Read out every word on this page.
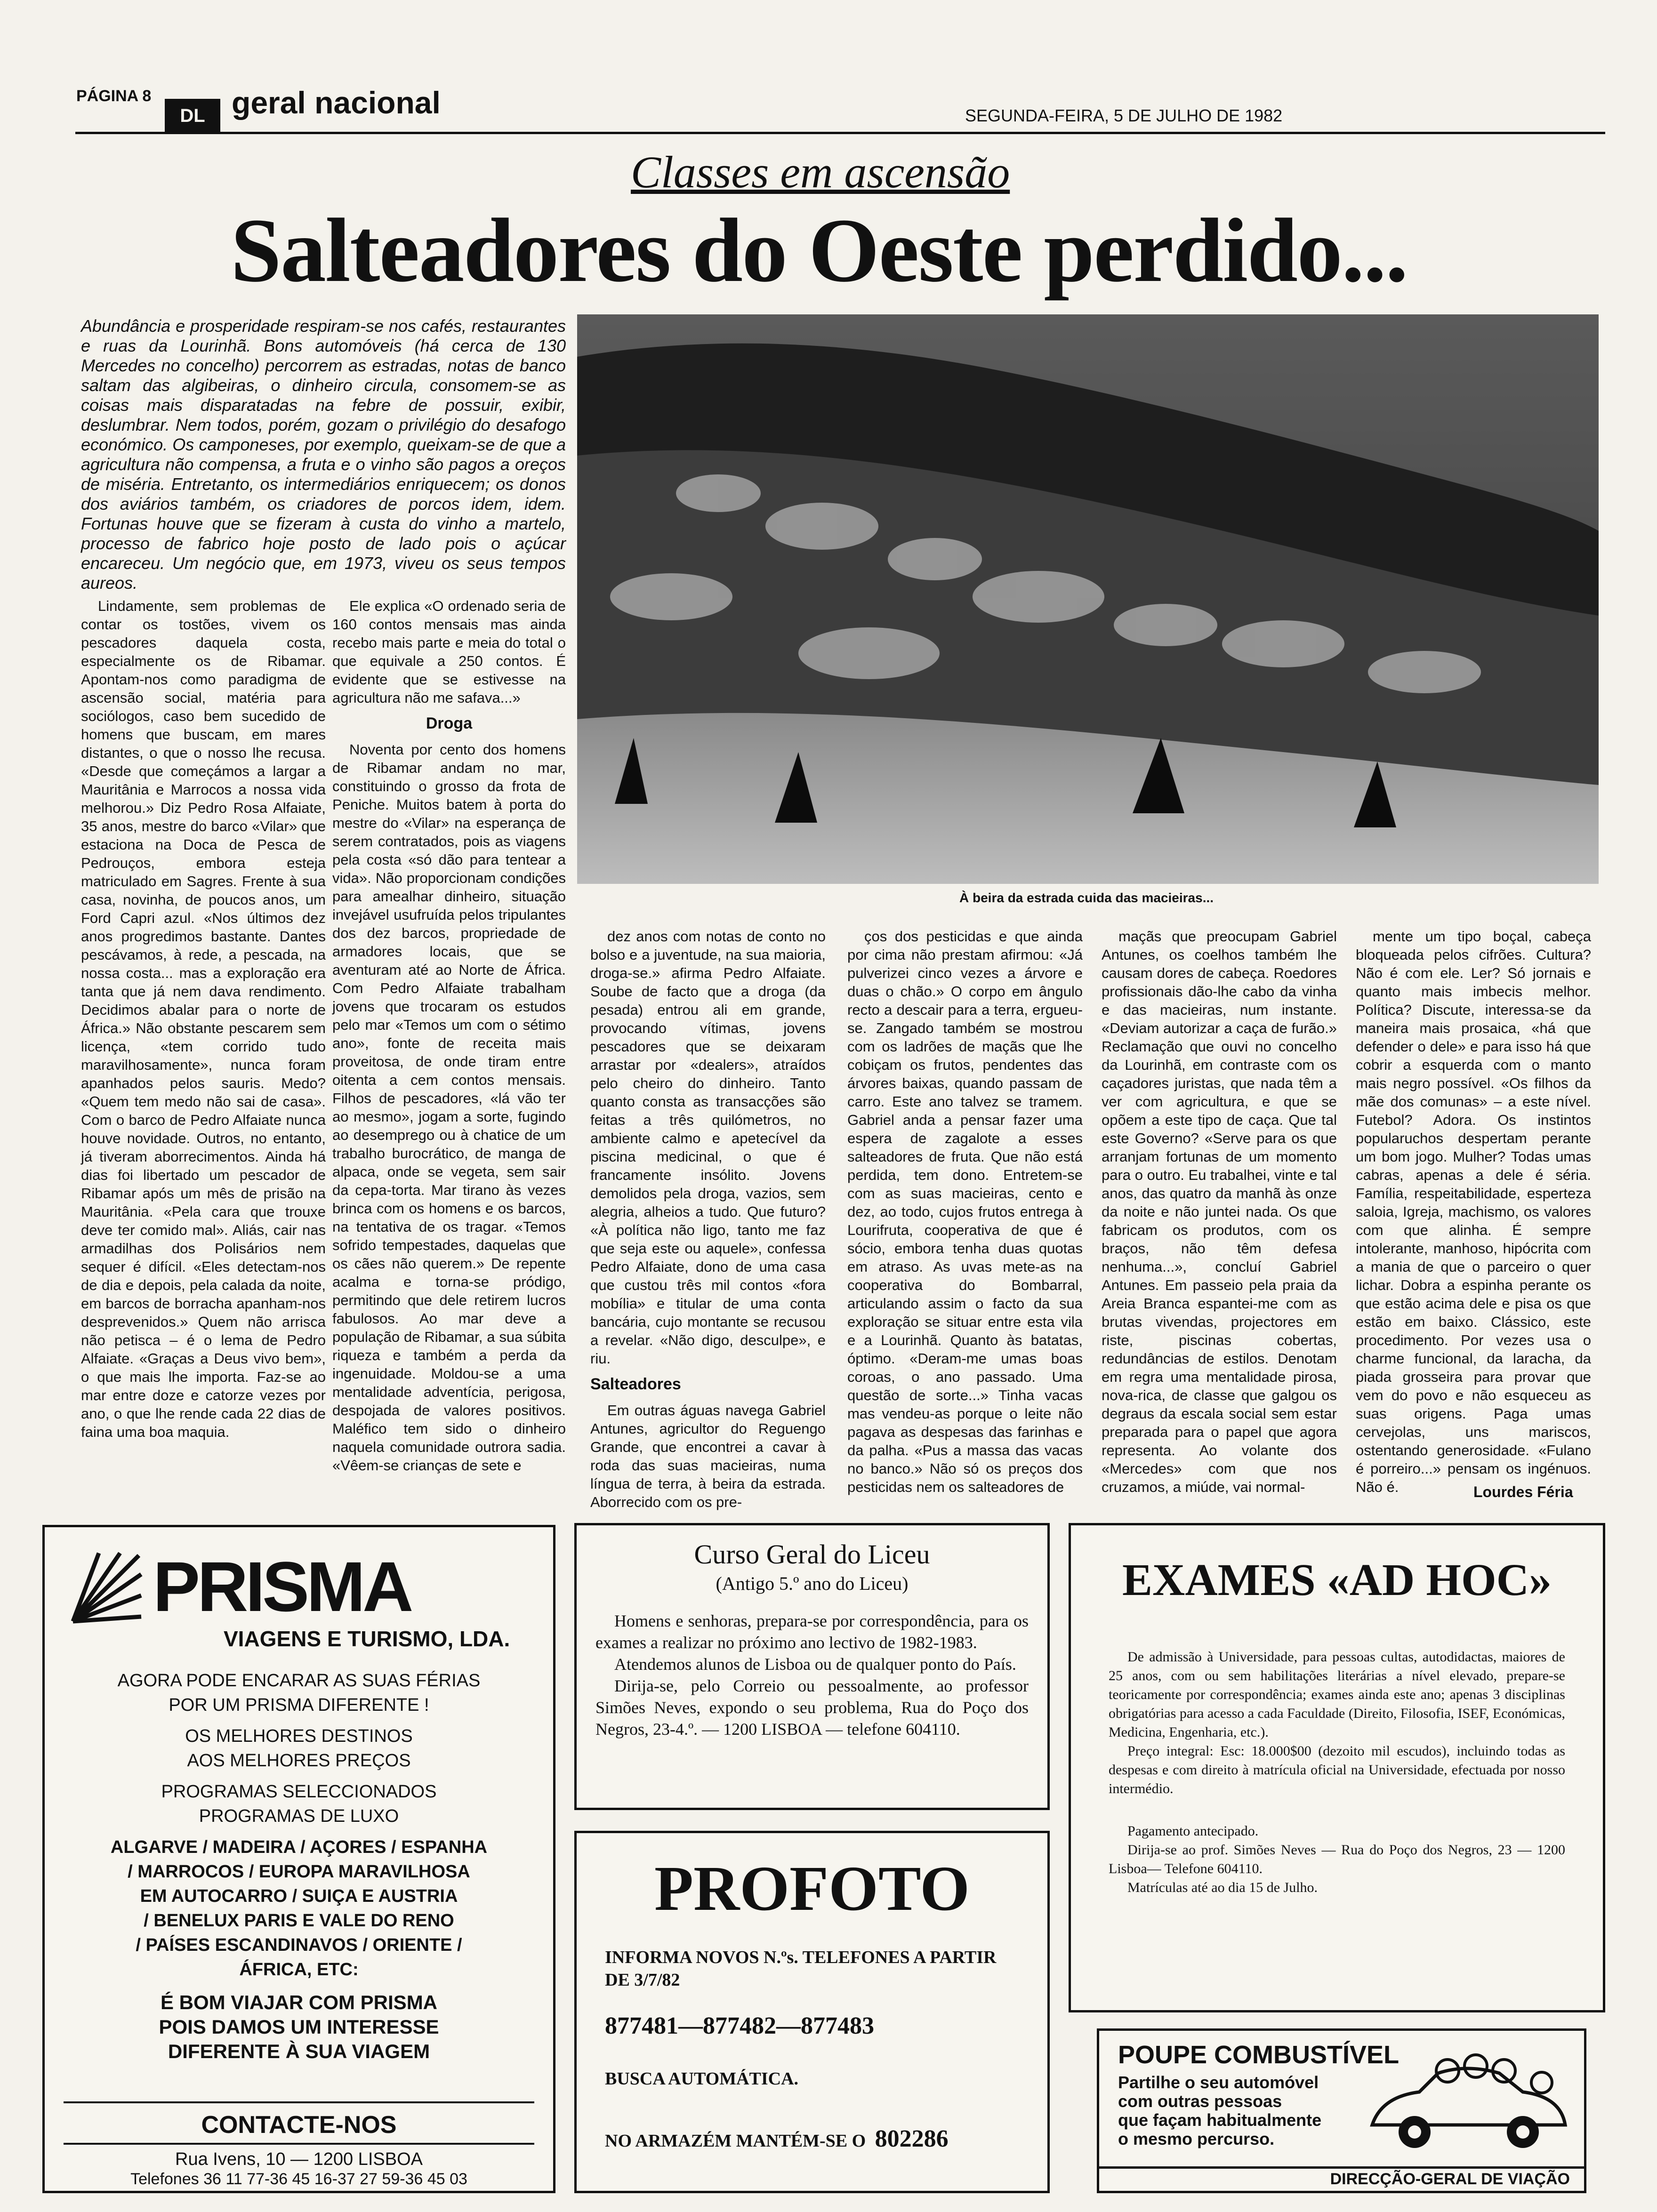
PÁGINA 8
DL geral nacional	SEGUNDA-FEIRA, 5 DE JULHO DE 1982
Classes em ascensão
Salteadores do Oeste perdido...
Abundância e prosperidade respiram-se nos cafés, restaurantes e ruas da Lourinhã. Bons automóveis (há cerca de 130 Mercedes no concelho) percorrem as estradas, notas de banco saltam das algibeiras, o dinheiro circula, consomem-se as coisas mais disparatadas na febre de possuir, exibir, deslumbrar. Nem todos, porém, gozam o privilégio do desafogo económico. Os camponeses, por exemplo, queixam-se de que a agricultura não compensa, a fruta e o vinho são pagos a oreços de miséria. Entretanto, os intermediários enriquecem; os donos dos aviários também, os criadores de porcos idem, idem. Fortunas houve que se fizeram à custa do vinho a martelo, processo de fabrico hoje posto de lado pois o açúcar encareceu. Um negócio que, em 1973, viveu os seus tempos aureos.
À beira da estrada cuida das macieiras...

Lindamente, sem problemas de contar os tostões, vivem os pescadores daquela costa, especialmente os de Ribamar. Apontam-nos como paradigma de ascensão social, matéria para sociólogos, caso bem sucedido de homens que buscam, em mares distantes, o que o nosso lhe recusa. «Desde que começámos a largar a Mauritânia e Marrocos a nossa vida melhorou.» Diz Pedro Rosa Alfaiate, 35 anos, mestre do barco «Vilar» que estaciona na Doca de Pesca de Pedrouços, embora esteja matriculado em Sagres. Frente à sua casa, novinha, de poucos anos, um Ford Capri azul. «Nos últimos dez anos progredimos bastante. Dantes pescávamos, à rede, a pescada, na nossa costa... mas a exploração era tanta que já nem dava rendimento. Decidimos abalar para o norte de África.» Não obstante pescarem sem licença, «tem corrido tudo maravilhosamente», nunca foram apanhados pelos sauris. Medo? «Quem tem medo não sai de casa». Com o barco de Pedro Alfaiate nunca houve novidade. Outros, no entanto, já tiveram aborrecimentos. Ainda há dias foi libertado um pescador de Ribamar após um mês de prisão na Mauritânia. «Pela cara que trouxe deve ter comido mal». Aliás, cair nas armadilhas dos Polisários nem sequer é difícil. «Eles detectam-nos de dia e depois, pela calada da noite, em barcos de borracha apanham-nos desprevenidos.» Quem não arrisca não petisca – é o lema de Pedro Alfaiate. «Graças a Deus vivo bem», o que mais lhe importa. Faz-se ao mar entre doze e catorze vezes por ano, o que lhe rende cada 22 dias de faina uma boa maquia.

Ele explica «O ordenado seria de 160 contos mensais mas ainda recebo mais parte e meia do total o que equivale a 250 contos. É evidente que se estivesse na agricultura não me safava...»

Droga

Noventa por cento dos homens de Ribamar andam no mar, constituindo o grosso da frota de Peniche. Muitos batem à porta do mestre do «Vilar» na esperança de serem contratados, pois as viagens pela costa «só dão para tentear a vida». Não proporcionam condições para amealhar dinheiro, situação invejável usufruída pelos tripulantes dos dez barcos, propriedade de armadores locais, que se aventuram até ao Norte de África. Com Pedro Alfaiate trabalham jovens que trocaram os estudos pelo mar «Temos um com o sétimo ano», fonte de receita mais proveitosa, de onde tiram entre oitenta a cem contos mensais. Filhos de pescadores, «lá vão ter ao mesmo», jogam a sorte, fugindo ao desemprego ou à chatice de um trabalho burocrático, de manga de alpaca, onde se vegeta, sem sair da cepa-torta. Mar tirano às vezes brinca com os homens e os barcos, na tentativa de os tragar. «Temos sofrido tempestades, daquelas que os cães não querem.» De repente acalma e torna-se pródigo, permitindo que dele retirem lucros fabulosos. Ao mar deve a população de Ribamar, a sua súbita riqueza e também a perda da ingenuidade. Moldou-se a uma mentalidade adventícia, perigosa, despojada de valores positivos. Maléfico tem sido o dinheiro naquela comunidade outrora sadia. «Vêem-se crianças de sete e

dez anos com notas de conto no bolso e a juventude, na sua maioria, droga-se.» afirma Pedro Alfaiate. Soube de facto que a droga (da pesada) entrou ali em grande, provocando vítimas, jovens pescadores que se deixaram arrastar por «dealers», atraídos pelo cheiro do dinheiro. Tanto quanto consta as transacções são feitas a três quilómetros, no ambiente calmo e apetecível da piscina medicinal, o que é francamente insólito. Jovens demolidos pela droga, vazios, sem alegria, alheios a tudo. Que futuro? «À política não ligo, tanto me faz que seja este ou aquele», confessa Pedro Alfaiate, dono de uma casa que custou três mil contos «fora mobília» e titular de uma conta bancária, cujo montante se recusou a revelar. «Não digo, desculpe», e riu.

Salteadores

Em outras águas navega Gabriel Antunes, agricultor do Reguengo Grande, que encontrei a cavar à roda das suas macieiras, numa língua de terra, à beira da estrada. Aborrecido com os pre-

ços dos pesticidas e que ainda por cima não prestam afirmou: «Já pulverizei cinco vezes a árvore e duas o chão.» O corpo em ângulo recto a descair para a terra, ergueu-se. Zangado também se mostrou com os ladrões de maçãs que lhe cobiçam os frutos, pendentes das árvores baixas, quando passam de carro. Este ano talvez se tramem. Gabriel anda a pensar fazer uma espera de zagalote a esses salteadores de fruta. Que não está perdida, tem dono. Entretem-se com as suas macieiras, cento e dez, ao todo, cujos frutos entrega à Lourifruta, cooperativa de que é sócio, embora tenha duas quotas em atraso. As uvas mete-as na cooperativa do Bombarral, articulando assim o facto da sua exploração se situar entre esta vila e a Lourinhã. Quanto às batatas, óptimo. «Deram-me umas boas coroas, o ano passado. Uma questão de sorte...» Tinha vacas mas vendeu-as porque o leite não pagava as despesas das farinhas e da palha. «Pus a massa das vacas no banco.» Não só os preços dos pesticidas nem os salteadores de

maçãs que preocupam Gabriel Antunes, os coelhos também lhe causam dores de cabeça. Roedores profissionais dão-lhe cabo da vinha e das macieiras, num instante. «Deviam autorizar a caça de furão.» Reclamação que ouvi no concelho da Lourinhã, em contraste com os caçadores juristas, que nada têm a ver com agricultura, e que se opõem a este tipo de caça. Que tal este Governo? «Serve para os que arranjam fortunas de um momento para o outro. Eu trabalhei, vinte e tal anos, das quatro da manhã às onze da noite e não juntei nada. Os que fabricam os produtos, com os braços, não têm defesa nenhuma...», concluí Gabriel Antunes. Em passeio pela praia da Areia Branca espantei-me com as brutas vivendas, projectores em riste, piscinas cobertas, redundâncias de estilos. Denotam em regra uma mentalidade pirosa, nova-rica, de classe que galgou os degraus da escala social sem estar preparada para o papel que agora representa. Ao volante dos «Mercedes» com que nos cruzamos, a miúde, vai normal-

mente um tipo boçal, cabeça bloqueada pelos cifrões. Cultura? Não é com ele. Ler? Só jornais e quanto mais imbecis melhor. Política? Discute, interessa-se da maneira mais prosaica, «há que defender o dele» e para isso há que cobrir a esquerda com o manto mais negro possível. «Os filhos da mãe dos comunas» – a este nível. Futebol? Adora. Os instintos popularuchos despertam perante um bom jogo. Mulher? Todas umas cabras, apenas a dele é séria. Família, respeitabilidade, esperteza saloia, Igreja, machismo, os valores com que alinha. É sempre intolerante, manhoso, hipócrita com a mania de que o parceiro o quer lichar. Dobra a espinha perante os que estão acima dele e pisa os que estão em baixo. Clássico, este procedimento. Por vezes usa o charme funcional, da laracha, da piada grosseira para provar que vem do povo e não esqueceu as suas origens. Paga umas cervejolas, uns mariscos, ostentando generosidade. «Fulano é porreiro...» pensam os ingénuos. Não é.	Lourdes Féria
PRISMA
VIAGENS E TURISMO, LDA.
AGORA PODE ENCARAR AS SUAS FÉRIAS
POR UM PRISMA DIFERENTE !
OS MELHORES DESTINOS
AOS MELHORES PREÇOS
PROGRAMAS SELECCIONADOS
PROGRAMAS DE LUXO
ALGARVE / MADEIRA / AÇORES / ESPANHA
/ MARROCOS / EUROPA MARAVILHOSA
EM AUTOCARRO / SUIÇA E AUSTRIA
/ BENELUX PARIS E VALE DO RENO
/ PAÍSES ESCANDINAVOS / ORIENTE /
ÁFRICA, ETC:
É BOM VIAJAR COM PRISMA
POIS DAMOS UM INTERESSE
DIFERENTE À SUA VIAGEM
CONTACTE-NOS
Rua Ivens, 10 — 1200 LISBOA
Telefones 36 11 77-36 45 16-37 27 59-36 45 03
Curso Geral do Liceu
(Antigo 5.º ano do Liceu)

Homens e senhoras, prepara-se por correspondência, para os exames a realizar no próximo ano lectivo de 1982-1983.

Atendemos alunos de Lisboa ou de qualquer ponto do País.

Dirija-se, pelo Correio ou pessoalmente, ao professor Simões Neves, expondo o seu problema, Rua do Poço dos Negros, 23-4.º. — 1200 LISBOA — telefone 604110.

PROFOTO
INFORMA NOVOS N.ºs. TELEFONES A PARTIR DE 3/7/82
877481—877482—877483
BUSCA AUTOMÁTICA.
NO ARMAZÉM MANTÉM-SE O 802286
EXAMES «AD HOC»

De admissão à Universidade, para pessoas cultas, autodidactas, maiores de 25 anos, com ou sem habilitações literárias a nível elevado, prepare-se teoricamente por correspondência; exames ainda este ano; apenas 3 disciplinas obrigatórias para acesso a cada Faculdade (Direito, Filosofia, ISEF, Económicas, Medicina, Engenharia, etc.).

Preço integral: Esc: 18.000$00 (dezoito mil escudos), incluindo todas as despesas e com direito à matrícula oficial na Universidade, efectuada por nosso intermédio.

Pagamento antecipado.

Dirija-se ao prof. Simões Neves — Rua do Poço dos Negros, 23 — 1200 Lisboa— Telefone 604110.

Matrículas até ao dia 15 de Julho.

POUPE COMBUSTÍVEL
Partilhe o seu automóvel
com outras pessoas
que façam habitualmente
o mesmo percurso.
DIRECÇÃO-GERAL DE VIAÇÃO
